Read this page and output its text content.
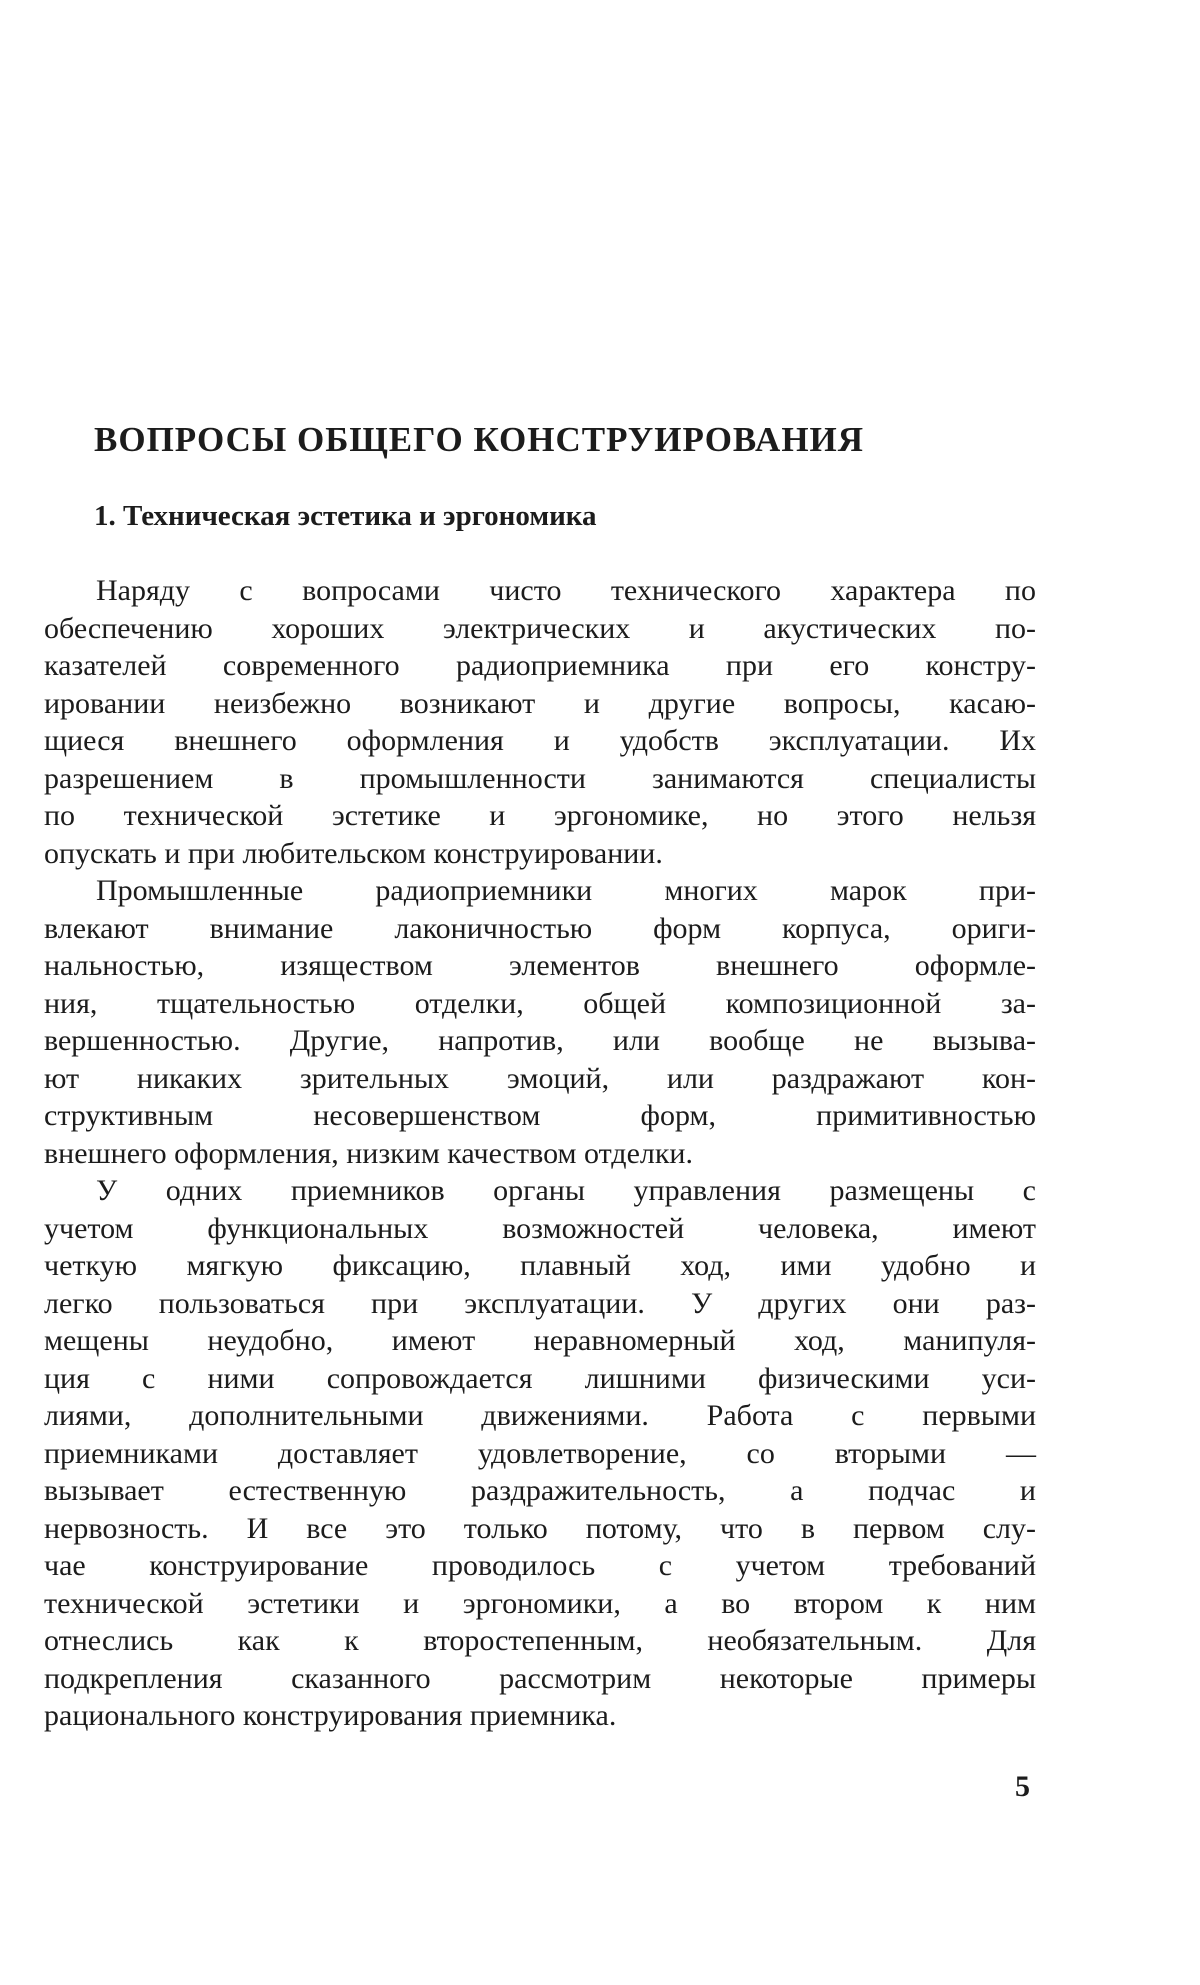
ВОПРОСЫ ОБЩЕГО КОНСТРУИРОВАНИЯ
1. Техническая эстетика и эргономика
Наряду с вопросами чисто технического характера по
обеспечению хороших электрических и акустических по-
казателей современного радиоприемника при его констру-
ировании неизбежно возникают и другие вопросы, касаю-
щиеся внешнего оформления и удобств эксплуатации. Их
разрешением в промышленности занимаются специалисты
по технической эстетике и эргономике, но этого нельзя
опускать и при любительском конструировании.
Промышленные радиоприемники многих марок при-
влекают внимание лаконичностью форм корпуса, ориги-
нальностью, изяществом элементов внешнего оформле-
ния, тщательностью отделки, общей композиционной за-
вершенностью. Другие, напротив, или вообще не вызыва-
ют никаких зрительных эмоций, или раздражают кон-
структивным несовершенством форм, примитивностью
внешнего оформления, низким качеством отделки.
У одних приемников органы управления размещены с
учетом функциональных возможностей человека, имеют
четкую мягкую фиксацию, плавный ход, ими удобно и
легко пользоваться при эксплуатации. У других они раз-
мещены неудобно, имеют неравномерный ход, манипуля-
ция с ними сопровождается лишними физическими уси-
лиями, дополнительными движениями. Работа с первыми
приемниками доставляет удовлетворение, со вторыми —
вызывает естественную раздражительность, а подчас и
нервозность. И все это только потому, что в первом слу-
чае конструирование проводилось с учетом требований
технической эстетики и эргономики, а во втором к ним
отнеслись как к второстепенным, необязательным. Для
подкрепления сказанного рассмотрим некоторые примеры
рационального конструирования приемника.
5
